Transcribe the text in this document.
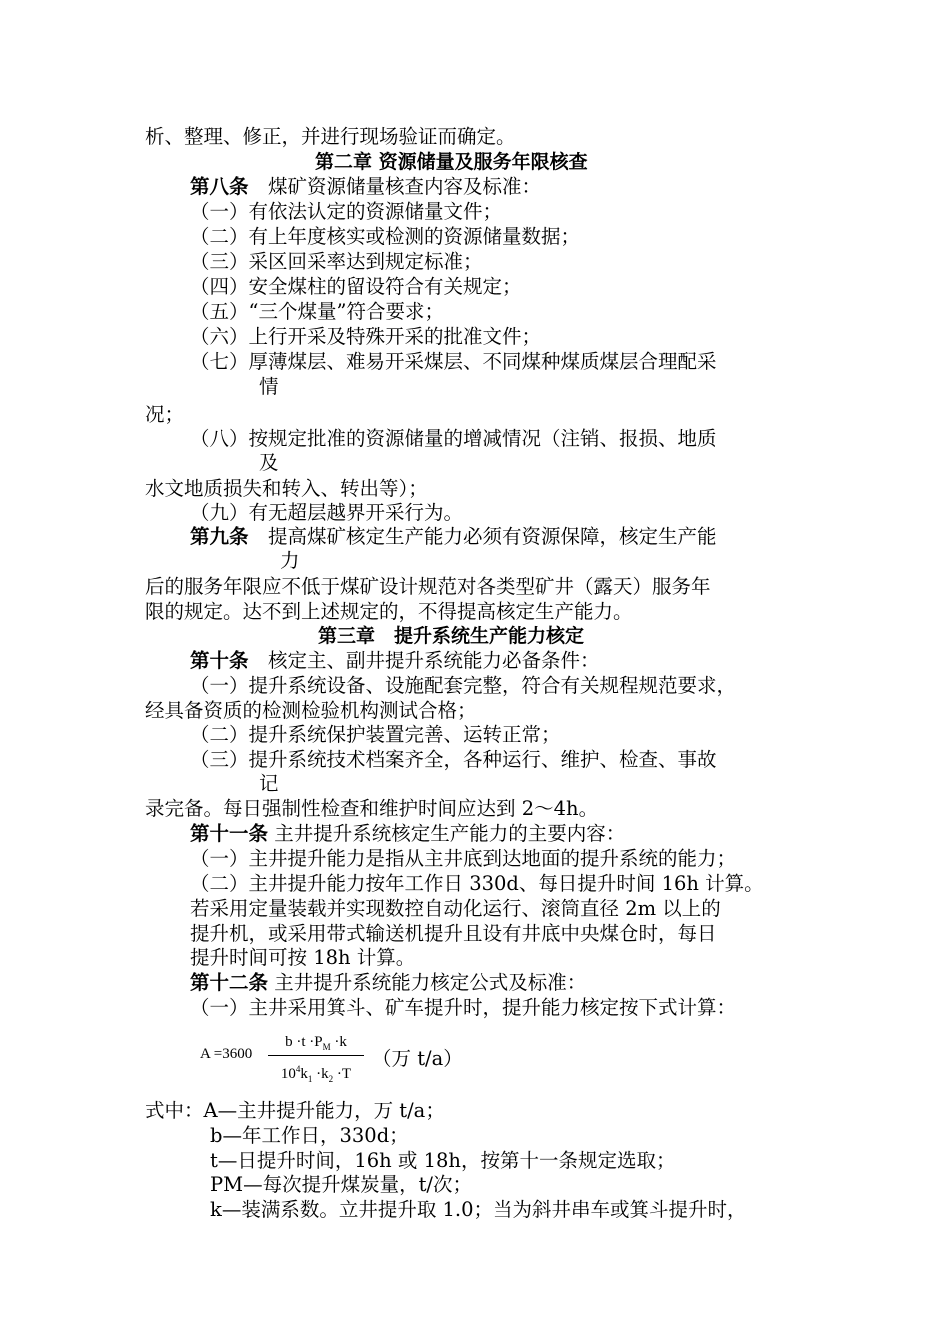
析、整理、修正，并进行现场验证而确定。
第二章 资源储量及服务年限核查
第八条　煤矿资源储量核查内容及标准：
（一）有依法认定的资源储量文件；
（二）有上年度核实或检测的资源储量数据；
（三）采区回采率达到规定标准；
（四）安全煤柱的留设符合有关规定；
（五）“三个煤量”符合要求；
（六）上行开采及特殊开采的批准文件；
（七）厚薄煤层、难易开采煤层、不同煤种煤质煤层合理配采
情
况；
（八）按规定批准的资源储量的增减情况（注销、报损、地质
及
水文地质损失和转入、转出等）；
（九）有无超层越界开采行为。
第九条　提高煤矿核定生产能力必须有资源保障，核定生产能
力
后的服务年限应不低于煤矿设计规范对各类型矿井（露天）服务年
限的规定。达不到上述规定的，不得提高核定生产能力。
第三章　提升系统生产能力核定
第十条　核定主、副井提升系统能力必备条件：
（一）提升系统设备、设施配套完整，符合有关规程规范要求，
经具备资质的检测检验机构测试合格；
（二）提升系统保护装置完善、运转正常；
（三）提升系统技术档案齐全，各种运行、维护、检查、事故
记
录完备。每日强制性检查和维护时间应达到 2～4h。
第十一条 主井提升系统核定生产能力的主要内容：
（一）主井提升能力是指从主井底到达地面的提升系统的能力；
（二）主井提升能力按年工作日 330d、每日提升时间 16h 计算。
若采用定量装载并实现数控自动化运行、滚筒直径 2m 以上的
提升机，或采用带式输送机提升且设有井底中央煤仓时，每日
提升时间可按 18h 计算。
第十二条 主井提升系统能力核定公式及标准：
（一）主井采用箕斗、矿车提升时，提升能力核定按下式计算：
A =3600
$b \cdot t \cdot P_M \cdot k$
$10^4k_1 \cdot k_2 \cdot T$
（万 t/a）
式中：A—主井提升能力，万 t/a；
b—年工作日，330d；
t—日提升时间，16h 或 18h，按第十一条规定选取；
PM—每次提升煤炭量，t/次；
k—装满系数。立井提升取 1.0；当为斜井串车或箕斗提升时，
